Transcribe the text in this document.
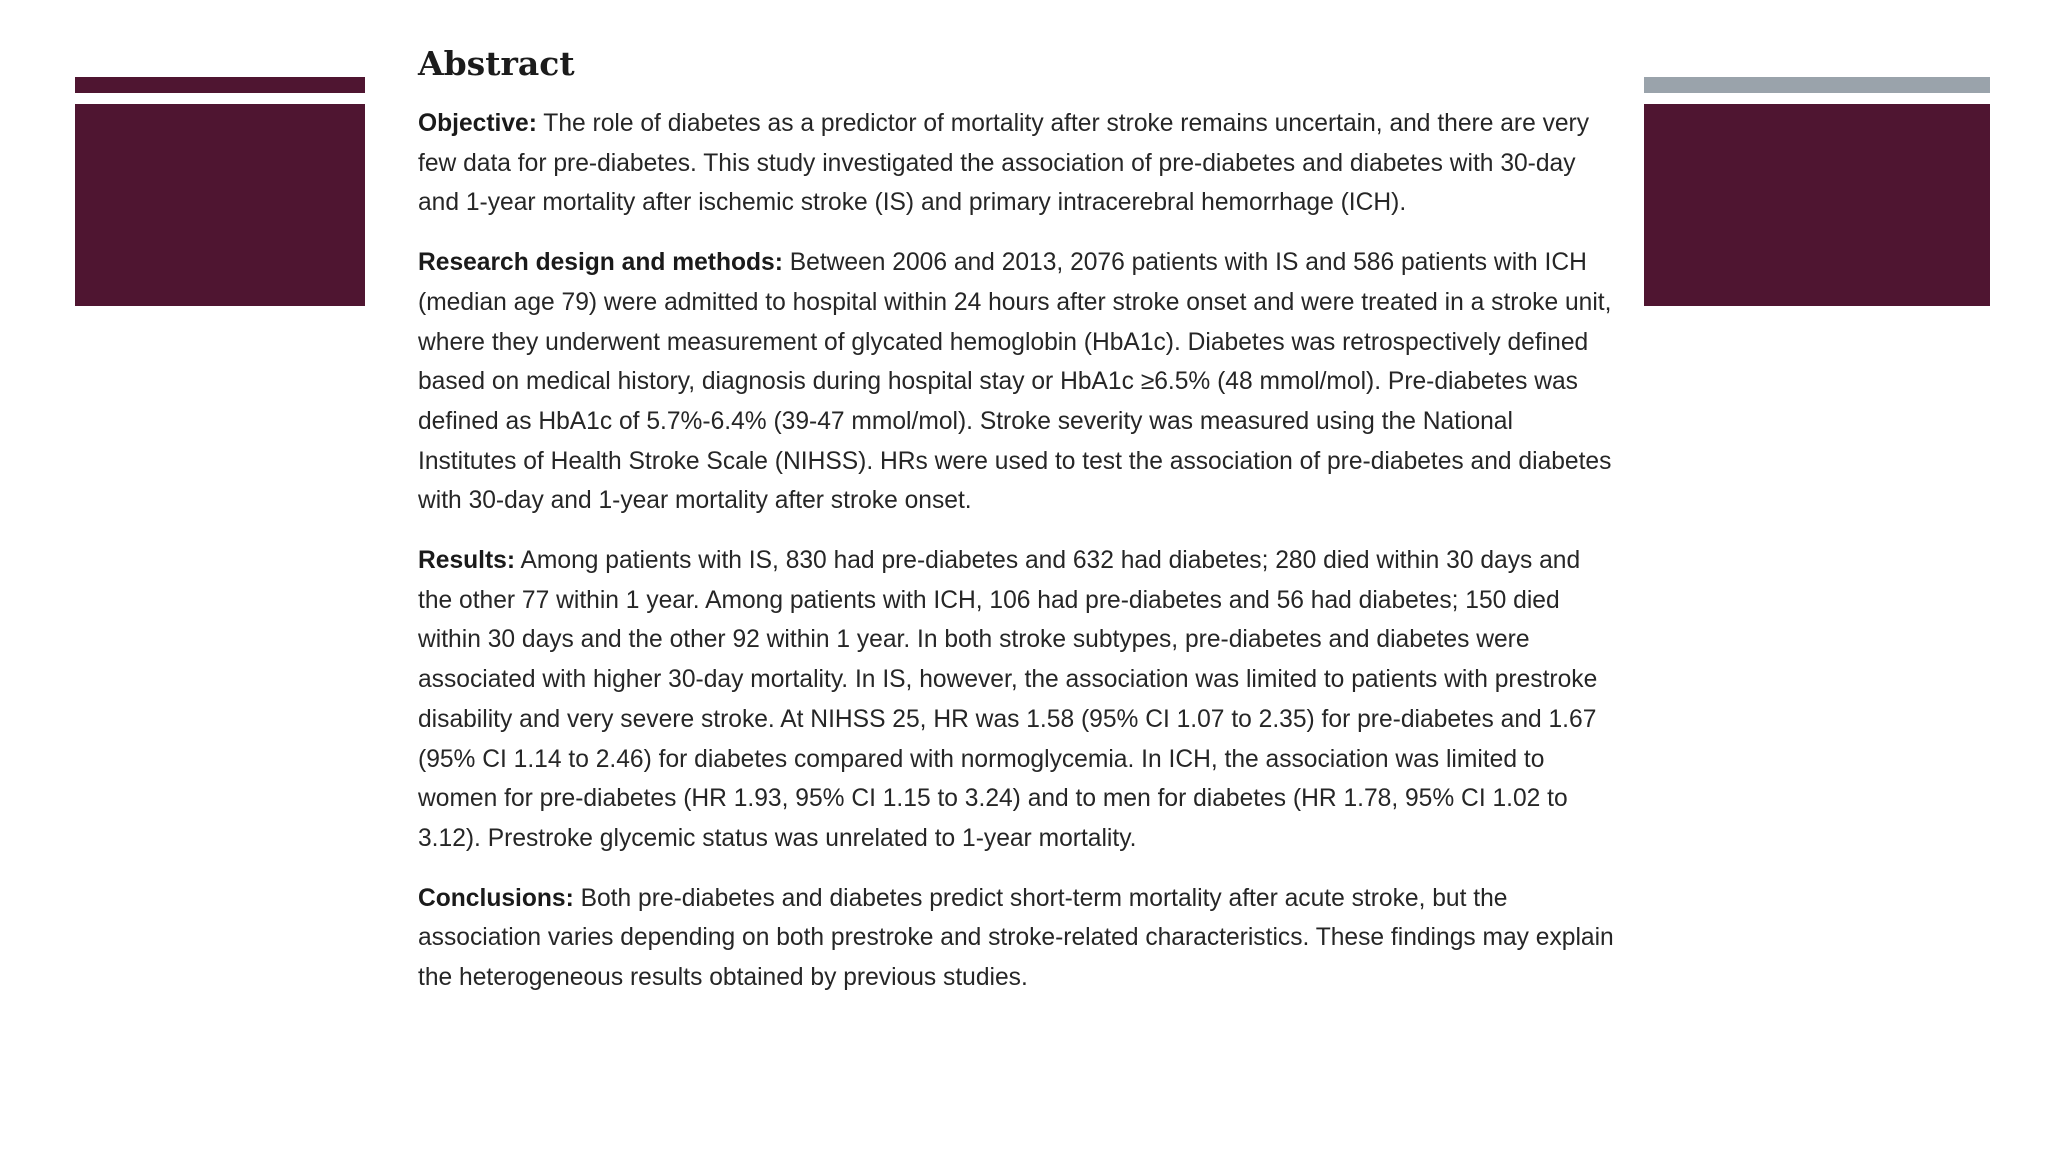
Abstract

Objective: The role of diabetes as a predictor of mortality after stroke remains uncertain, and there are very few data for pre-diabetes. This study investigated the association of pre-diabetes and diabetes with 30-day and 1-year mortality after ischemic stroke (IS) and primary intracerebral hemorrhage (ICH).

Research design and methods: Between 2006 and 2013, 2076 patients with IS and 586 patients with ICH (median age 79) were admitted to hospital within 24 hours after stroke onset and were treated in a stroke unit, where they underwent measurement of glycated hemoglobin (HbA1c). Diabetes was retrospectively defined based on medical history, diagnosis during hospital stay or HbA1c ≥6.5% (48 mmol/mol). Pre-diabetes was defined as HbA1c of 5.7%-6.4% (39-47 mmol/mol). Stroke severity was measured using the National Institutes of Health Stroke Scale (NIHSS). HRs were used to test the association of pre-diabetes and diabetes with 30-day and 1-year mortality after stroke onset.

Results: Among patients with IS, 830 had pre-diabetes and 632 had diabetes; 280 died within 30 days and the other 77 within 1 year. Among patients with ICH, 106 had pre-diabetes and 56 had diabetes; 150 died within 30 days and the other 92 within 1 year. In both stroke subtypes, pre-diabetes and diabetes were associated with higher 30-day mortality. In IS, however, the association was limited to patients with prestroke disability and very severe stroke. At NIHSS 25, HR was 1.58 (95% CI 1.07 to 2.35) for pre-diabetes and 1.67 (95% CI 1.14 to 2.46) for diabetes compared with normoglycemia. In ICH, the association was limited to women for pre-diabetes (HR 1.93, 95% CI 1.15 to 3.24) and to men for diabetes (HR 1.78, 95% CI 1.02 to 3.12). Prestroke glycemic status was unrelated to 1-year mortality.

Conclusions: Both pre-diabetes and diabetes predict short-term mortality after acute stroke, but the association varies depending on both prestroke and stroke-related characteristics. These findings may explain the heterogeneous results obtained by previous studies.
